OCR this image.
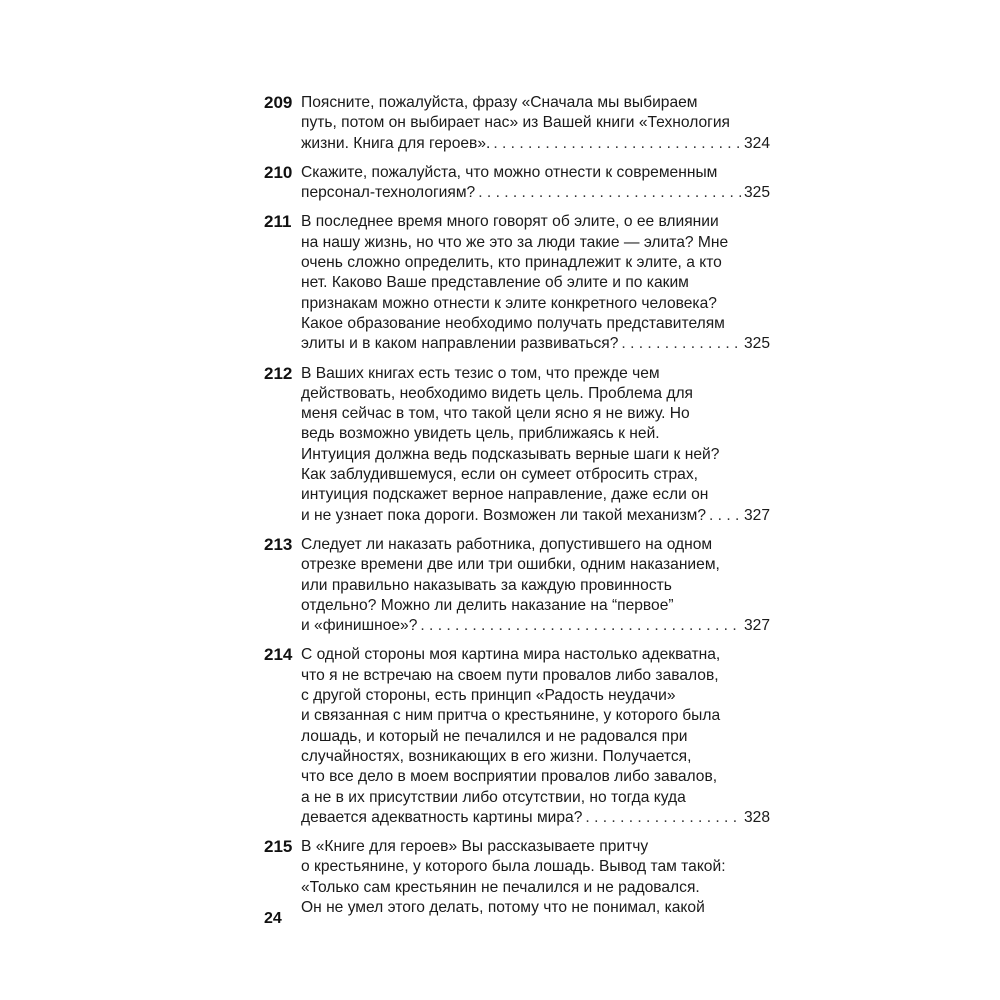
209 Поясните, пожалуйста, фразу «Сначала мы выбираем
путь, потом он выбирает нас» из Вашей книги «Технология
жизни. Книга для героев». . . .	324
210 Скажите, пожалуйста, что можно отнести к современным
персонал-технологиям? . . .	325
211 В последнее время много говорят об элите, о ее влиянии
на нашу жизнь, но что же это за люди такие — элита? Мне
очень сложно определить, кто принадлежит к элите, а кто
нет. Каково Ваше представление об элите и по каким
признакам можно отнести к элите конкретного человека?
Какое образование необходимо получать представителям
элиты и в каком направлении развиваться? . . .	325
212 В Ваших книгах есть тезис о том, что прежде чем
действовать, необходимо видеть цель. Проблема для
меня сейчас в том, что такой цели ясно я не вижу. Но
ведь возможно увидеть цель, приближаясь к ней.
Интуиция должна ведь подсказывать верные шаги к ней?
Как заблудившемуся, если он сумеет отбросить страх,
интуиция подскажет верное направление, даже если он
и не узнает пока дороги. Возможен ли такой механизм? . . . 327
213 Следует ли наказать работника, допустившего на одном
отрезке времени две или три ошибки, одним наказанием,
или правильно наказывать за каждую провинность
отдельно? Можно ли делить наказание на “первое”
и «финишное»? . . .	327
214 С одной стороны моя картина мира настолько адекватна,
что я не встречаю на своем пути провалов либо завалов,
с другой стороны, есть принцип «Радость неудачи»
и связанная с ним притча о крестьянине, у которого была
лошадь, и который не печалился и не радовался при
случайностях, возникающих в его жизни. Получается,
что все дело в моем восприятии провалов либо завалов,
а не в их присутствии либо отсутствии, но тогда куда
девается адекватность картины мира? . . .	328
215 В «Книге для героев» Вы рассказываете притчу
о крестьянине, у которого была лошадь. Вывод там такой:
«Только сам крестьянин не печалился и не радовался.
Он не умел этого делать, потому что не понимал, какой
24
